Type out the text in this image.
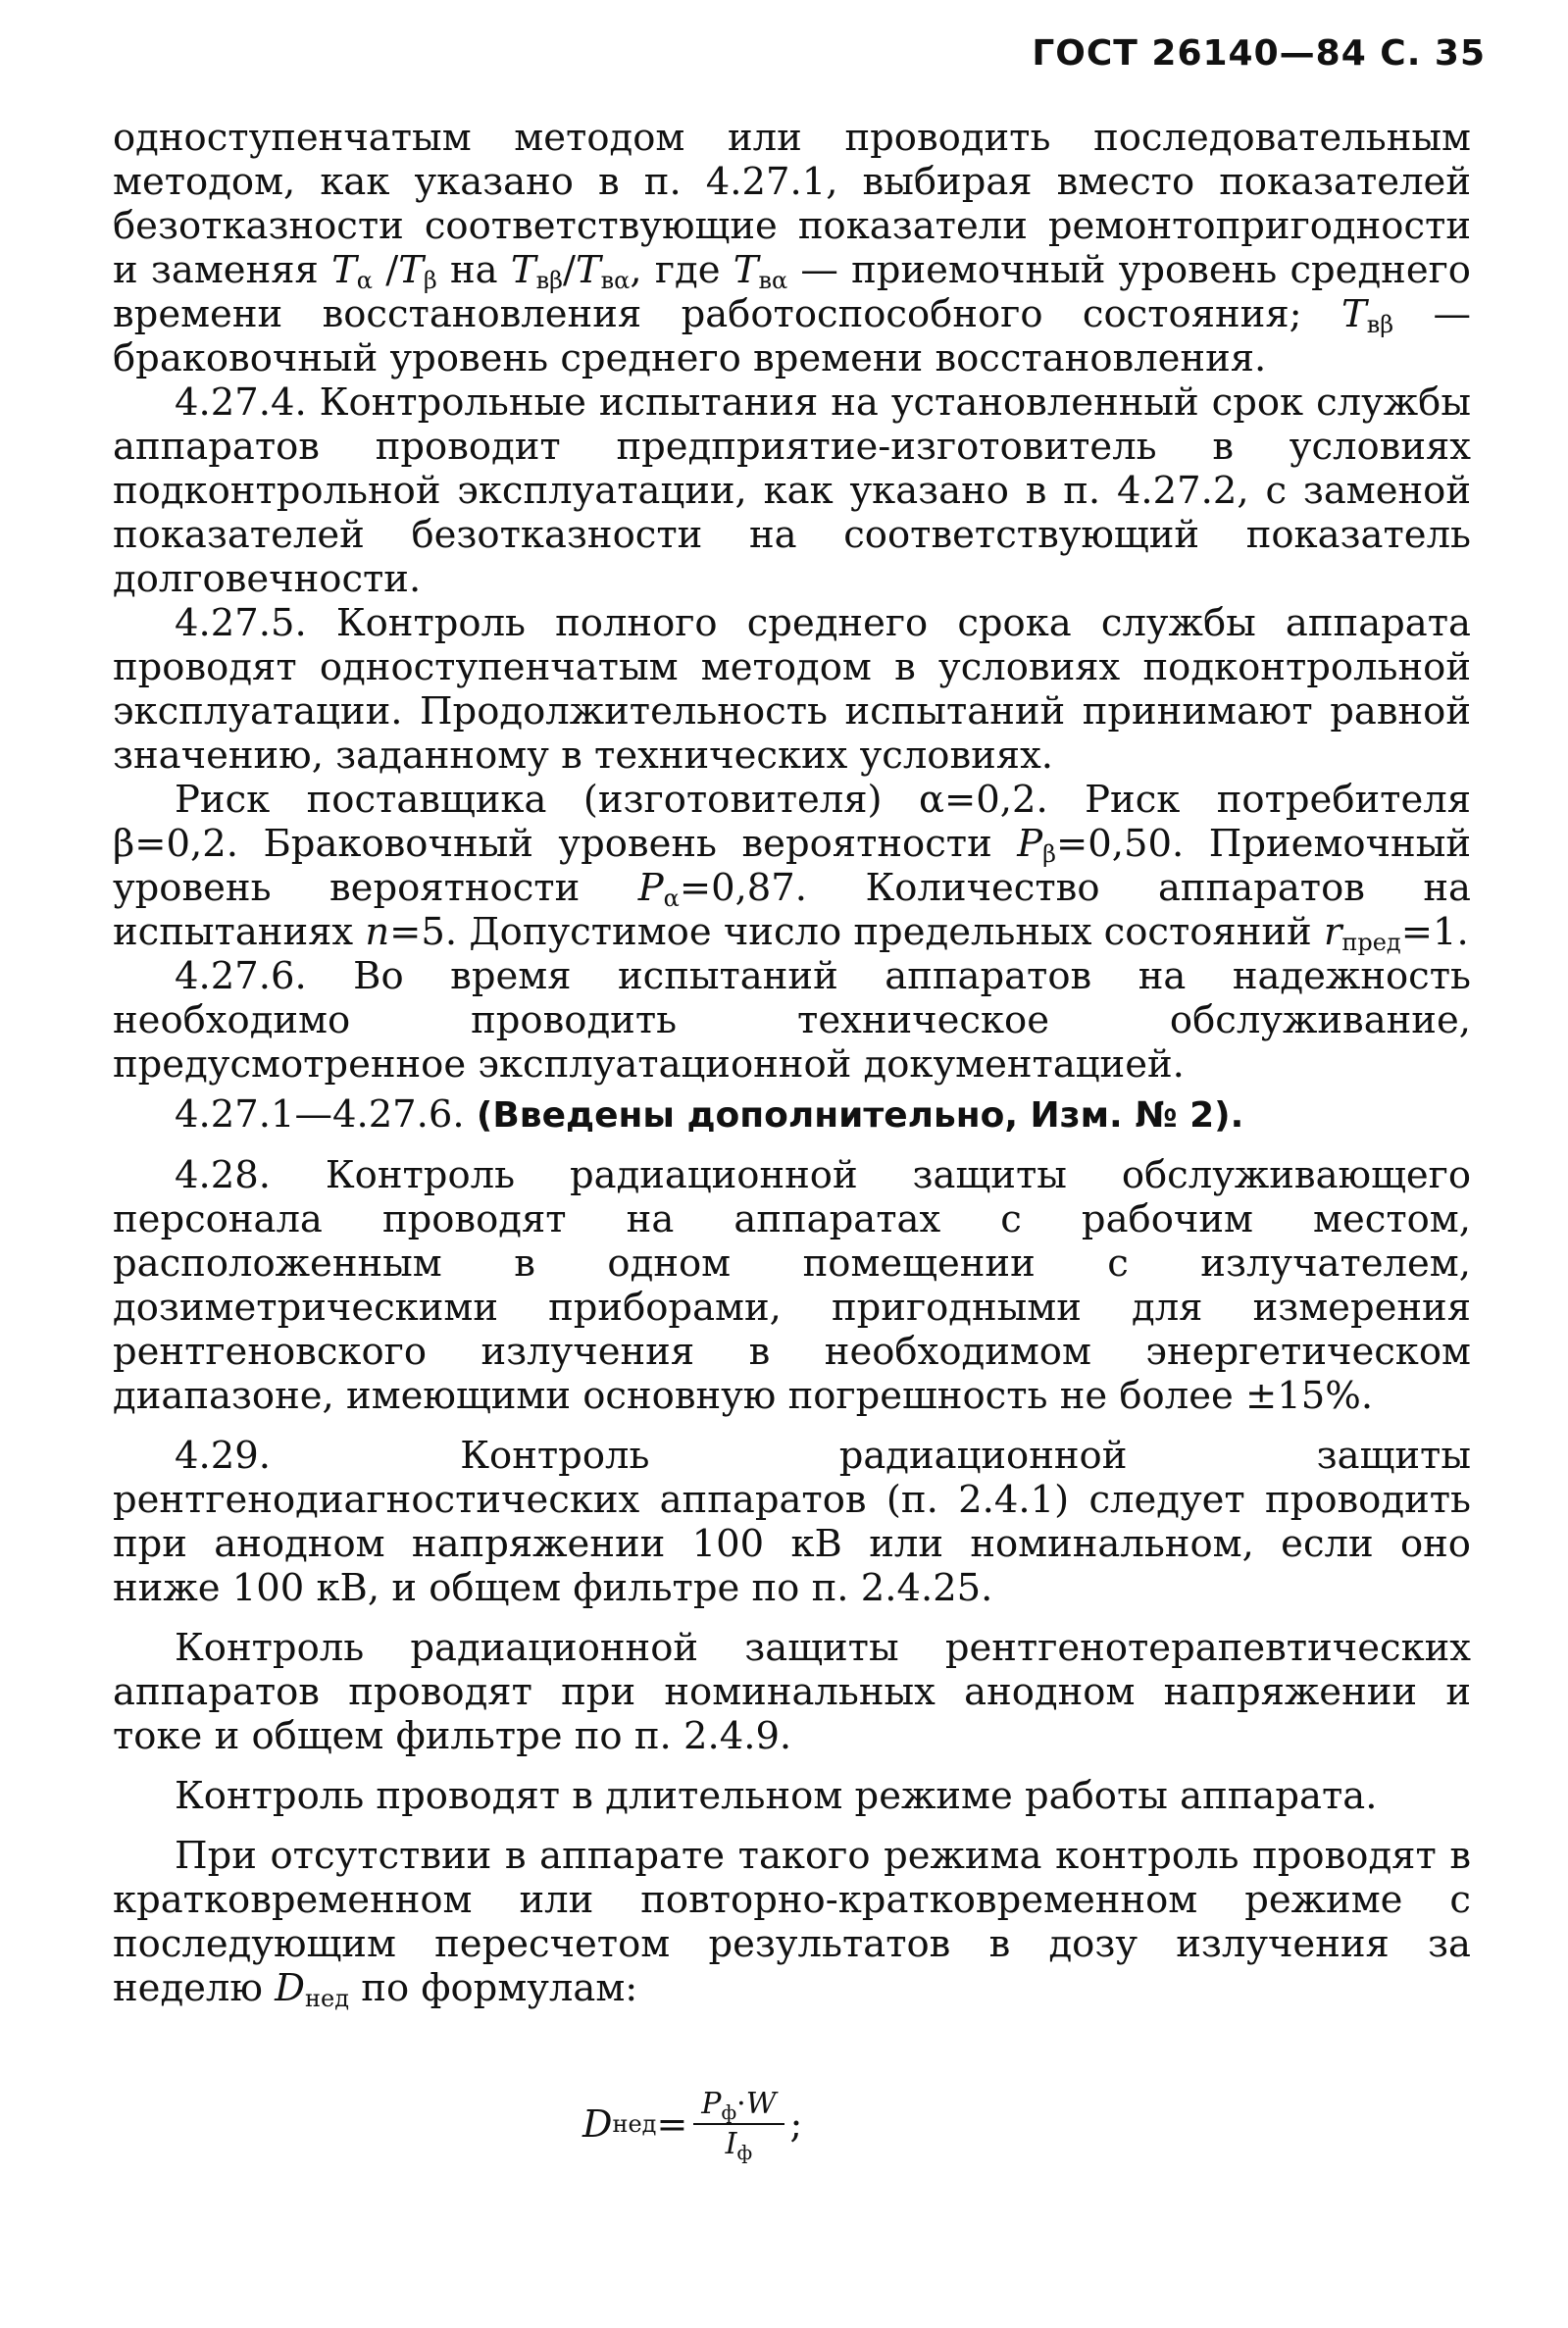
ГОСТ 26140—84 С. 35

одноступенчатым методом или проводить последовательным методом, как указано в п. 4.27.1, выбирая вместо показателей безотказности соответствующие показатели ремонтопригодности и заменяя $T_\alpha$ $/T_\beta$ на $T_{в\beta}/T_{в\alpha}$, где $T_{в\alpha}$ — приемочный уровень среднего времени восстановления работоспособного состояния; $T_{в\beta}$ — браковочный уровень среднего времени восстановления.

4.27.4. Контрольные испытания на установленный срок службы аппаратов проводит предприятие-изготовитель в условиях подконтрольной эксплуатации, как указано в п. 4.27.2, с заменой показателей безотказности на соответствующий показатель долговечности.

4.27.5. Контроль полного среднего срока службы аппарата проводят одноступенчатым методом в условиях подконтрольной эксплуатации. Продолжительность испытаний принимают равной значению, заданному в технических условиях.

Риск поставщика (изготовителя) α=0,2. Риск потребителя β=0,2. Браковочный уровень вероятности $P_\beta=0,50$. Приемочный уровень вероятности $P_\alpha=0,87$. Количество аппаратов на испытаниях n=5. Допустимое число предельных состояний $r_{пред}=1$.

4.27.6. Во время испытаний аппаратов на надежность необходимо проводить техническое обслуживание, предусмотренное эксплуатационной документацией.

4.27.1—4.27.6. (Введены дополнительно, Изм. № 2).

4.28. Контроль радиационной защиты обслуживающего персонала проводят на аппаратах с рабочим местом, расположенным в одном помещении с излучателем, дозиметрическими приборами, пригодными для измерения рентгеновского излучения в необходимом энергетическом диапазоне, имеющими основную погрешность не более ±15%.

4.29. Контроль радиационной защиты рентгенодиагностических аппаратов (п. 2.4.1) следует проводить при анодном напряжении 100 кВ или номинальном, если оно ниже 100 кВ, и общем фильтре по п. 2.4.25.

Контроль радиационной защиты рентгенотерапевтических аппаратов проводят при номинальных анодном напряжении и токе и общем фильтре по п. 2.4.9.

Контроль проводят в длительном режиме работы аппарата.

При отсутствии в аппарате такого режима контроль проводят в кратковременном или повторно-кратковременном режиме с последующим пересчетом результатов в дозу излучения за неделю $D_{нед}$ по формулам:

D нед = $\frac{P_ф\cdot W}{I_ф}$ ;
